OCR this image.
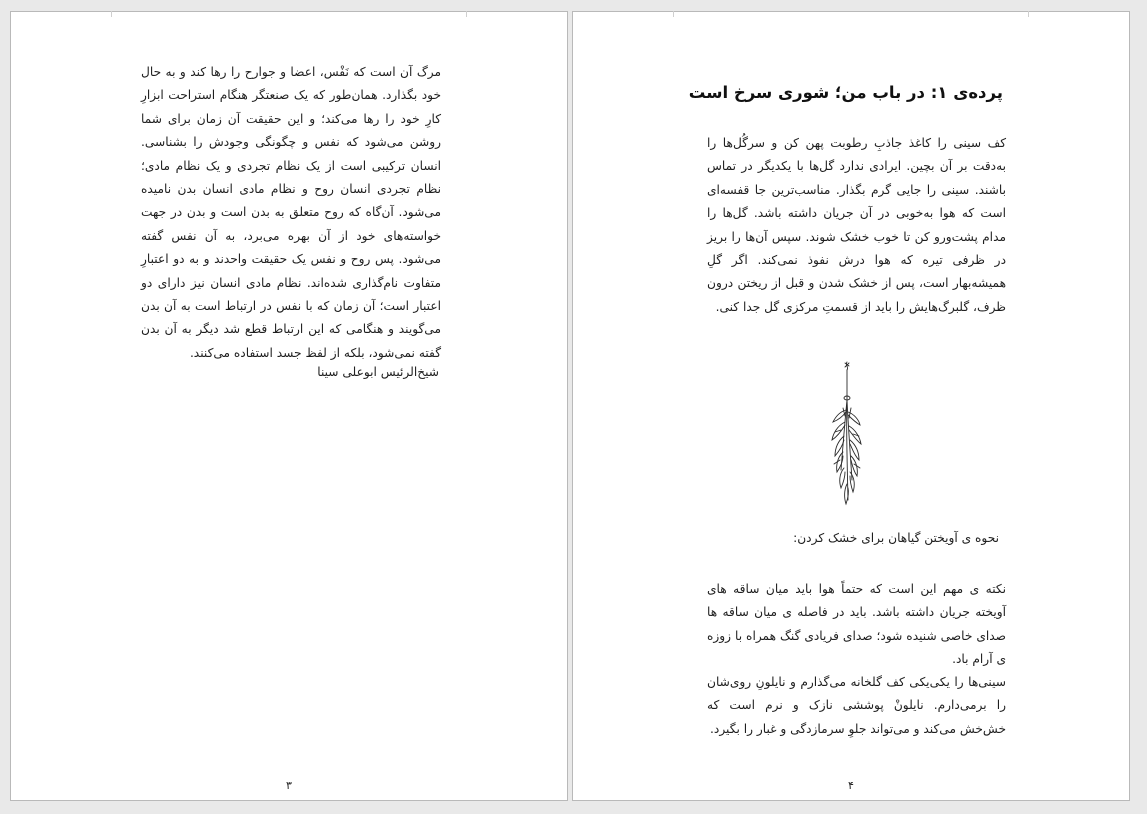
مرگ آن است که نَفْس، اعضا و جوارح را رها کند و به حال خود بگذارد. همان‌طور که یک صنعتگر هنگام استراحت ابزارِ کارِ خود را رها می‌کند؛ و این حقیقت آن زمان برای شما روشن می‌شود که نفس و چگونگی وجودش را بشناسی. انسان ترکیبی است از یک نظام تجردی و یک نظام مادی؛ نظام تجردی انسان روح و نظام مادی انسان بدن نامیده می‌شود. آن‌گاه که روح متعلق به بدن است و بدن در جهت خواسته‌های خود از آن بهره می‌برد، به آن نفس گفته می‌شود. پس روح و نفس یک حقیقت واحدند و به دو اعتبارِ متفاوت نام‌گذاری شده‌اند. نظام مادی انسان نیز دارای دو اعتبار است؛ آن زمان که با نفس در ارتباط است به آن بدن می‌گویند و هنگامی که این ارتباط قطع شد دیگر به آن بدن گفته نمی‌شود، بلکه از لفظ جسد استفاده می‌کنند.
شیخ‌الرئیس ابوعلی سینا
۳
پرده‌ی ۱: در باب من؛ شوری سرخ است
کف سینی را کاغذ جاذبِ رطوبت پهن کن و سرگُل‌ها را به‌دقت بر آن بچین. ایرادی ندارد گل‌ها با یکدیگر در تماس باشند. سینی را جایی گرم بگذار. مناسب‌ترین جا قفسه‌ای است که هوا به‌خوبی در آن جریان داشته باشد. گل‌ها را مدام پشت‌ورو کن تا خوب خشک شوند. سپس آن‌ها را بریز در ظرفی تیره که هوا درش نفوذ نمی‌کند. اگر گلِ همیشه‌بهار است، پس از خشک شدن و قبل از ریختن درون ظرف، گلبرگ‌هایش را باید از قسمتِ مرکزی گل جدا کنی.
نحوه ی آویختن گیاهان برای خشک کردن:
نکته ی مهم این است که حتماً هوا باید میان ساقه های آویخته جریان داشته باشد. باید در فاصله ی میان ساقه ها صدای خاصی شنیده شود؛ صدای فریادی گنگ همراه با زوزه ی آرام باد.
سینی‌ها را یکی‌یکی کف گلخانه می‌گذارم و نایلونِ روی‌شان را برمی‌دارم. نایلونْ پوششی نازک و نرم است که خش‌خش می‌کند و می‌تواند جلوِ سرمازدگی و غبار را بگیرد.
۴
